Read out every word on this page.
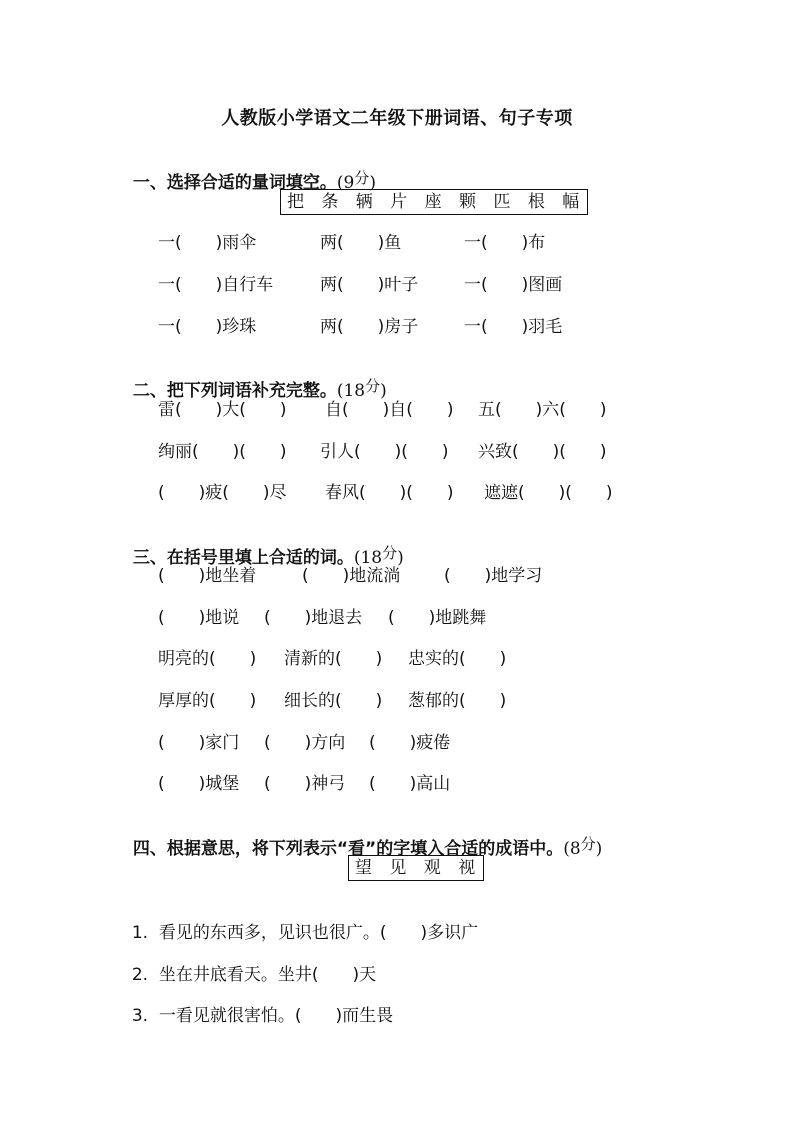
人教版小学语文二年级下册词语、句子专项

一、选择合适的量词填空。(9分)

把 条 辆 片 座 颗 匹 根 幅
一(　　)雨伞	两(　　)鱼	一(　　)布
一(　　)自行车	两(　　)叶子	一(　　)图画
一(　　)珍珠	两(　　)房子	一(　　)羽毛

二、把下列词语补充完整。(18分)

雷(　　)大(　　) 自(　　)自(　　) 五(　　)六(　　)
绚丽(　　)(　　) 引人(　　)(　　) 兴致(　　)(　　)
(　　)疲(　　)尽 春风(　　)(　　) 遮遮(　　)(　　)

三、在括号里填上合适的词。(18分)

(　　)地坐着	(　　)地流淌	(　　)地学习
(　　)地说 (　　)地退去 (　　)地跳舞
明亮的(　　) 清新的(　　) 忠实的(　　)
厚厚的(　　) 细长的(　　) 葱郁的(　　)
(　　)家门 (　　)方向 (　　)疲倦
(　　)城堡 (　　)神弓 (　　)高山

四、根据意思，将下列表示“看”的字填入合适的成语中。(8分)

望 见 观 视

1. 看见的东西多，见识也很广。(　　)多识广

2. 坐在井底看天。坐井(　　)天

3. 一看见就很害怕。(　　)而生畏
